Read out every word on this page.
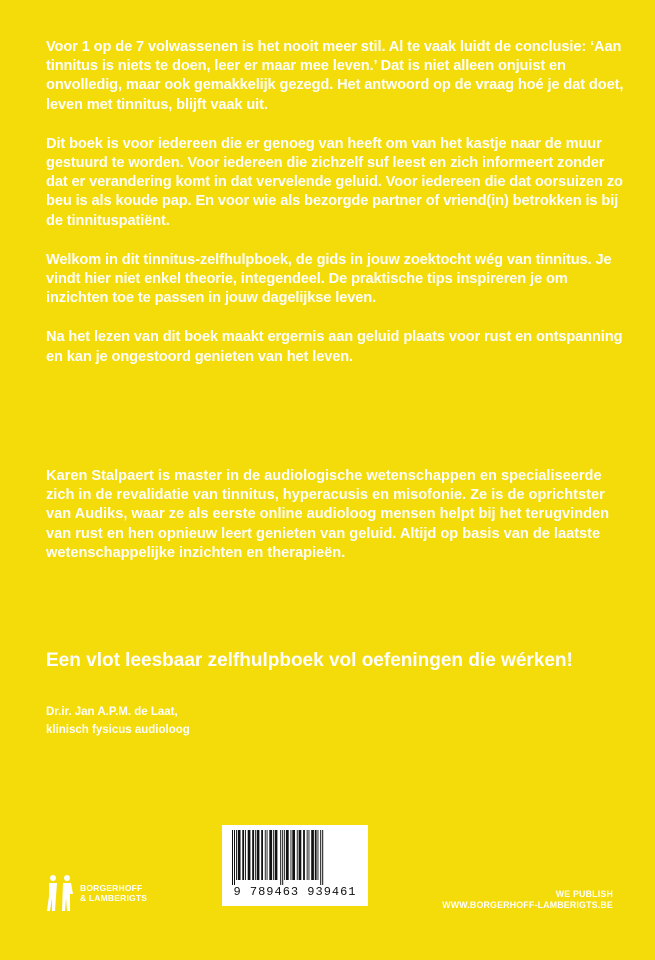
Voor 1 op de 7 volwassenen is het nooit meer stil. Al te vaak luidt de conclusie: ‘Aan tinnitus is niets te doen, leer er maar mee leven.’ Dat is niet alleen onjuist en onvolledig, maar ook gemakkelijk gezegd. Het antwoord op de vraag hoé je dat doet, leven met tinnitus, blijft vaak uit.

Dit boek is voor iedereen die er genoeg van heeft om van het kastje naar de muur gestuurd te worden. Voor iedereen die zichzelf suf leest en zich informeert zonder dat er verandering komt in dat vervelende geluid. Voor iedereen die dat oorsuizen zo beu is als koude pap. En voor wie als bezorgde partner of vriend(in) betrokken is bij de tinnituspatiënt.

Welkom in dit tinnitus-zelfhulpboek, de gids in jouw zoektocht wég van tinnitus. Je vindt hier niet enkel theorie, integendeel. De praktische tips inspireren je om inzichten toe te passen in jouw dagelijkse leven.

Na het lezen van dit boek maakt ergernis aan geluid plaats voor rust en ontspanning en kan je ongestoord genieten van het leven.

Karen Stalpaert is master in de audiologische wetenschappen en specialiseerde zich in de revalidatie van tinnitus, hyperacusis en misofonie. Ze is de oprichtster van Audiks, waar ze als eerste online audioloog mensen helpt bij het terugvinden van rust en hen opnieuw leert genieten van geluid. Altijd op basis van de laatste wetenschappelijke inzichten en therapieën.

Een vlot leesbaar zelfhulpboek vol oefeningen die wérken!

Dr.ir. Jan A.P.M. de Laat,
klinisch fysicus audioloog
BORGERHOFF
& LAMBERIGTS	9 789463 939461	WE PUBLISH
WWW.BORGERHOFF-LAMBERIGTS.BE
